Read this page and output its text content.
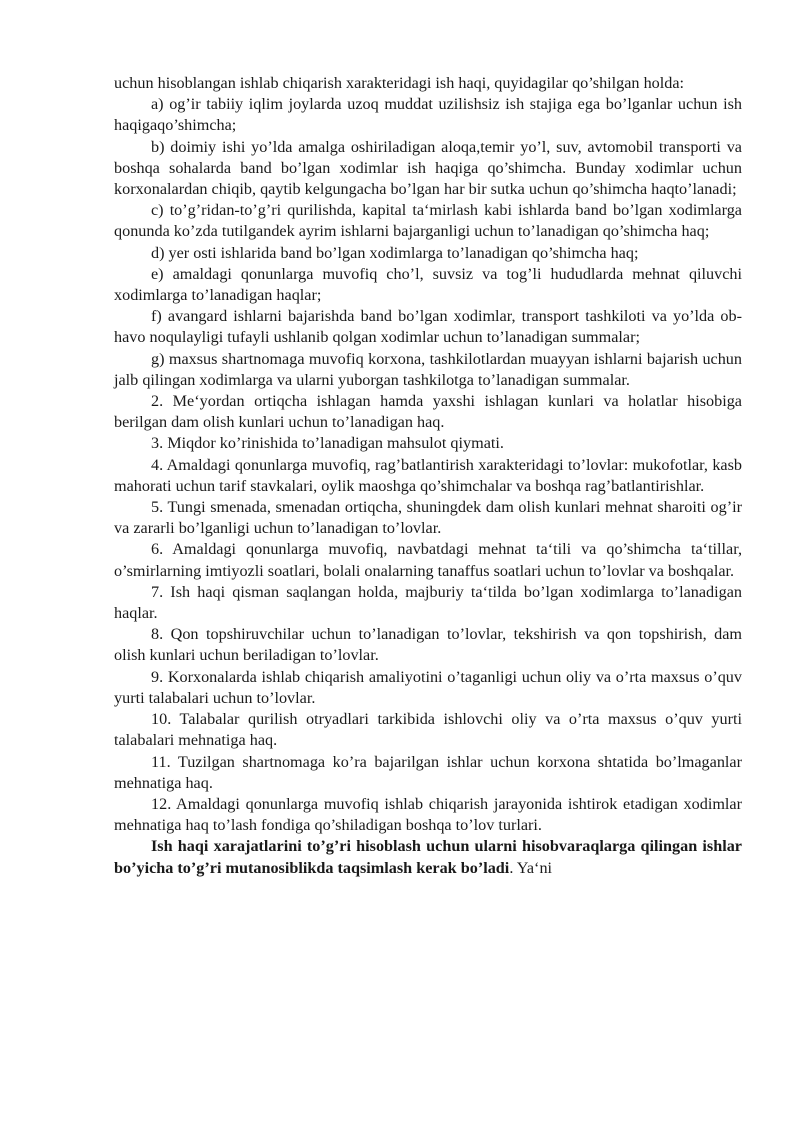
uchun hisoblangan ishlab chiqarish xarakteridagi ish haqi, quyidagilar qo’shilgan holda:

a) og’ir tabiiy iqlim joylarda uzoq muddat uzilishsiz ish stajiga ega bo’lganlar uchun ish haqigaqo’shimcha;

b) doimiy ishi yo’lda amalga oshiriladigan aloqa,temir yo’l, suv, avtomobil transporti va boshqa sohalarda band bo’lgan xodimlar ish haqiga qo’shimcha. Bunday xodimlar uchun korxonalardan chiqib, qaytib kelgungacha bo’lgan har bir sutka uchun qo’shimcha haqto’lanadi;

c) to’g’ridan-to’g’ri qurilishda, kapital ta‘mirlash kabi ishlarda band bo’lgan xodimlarga qonunda ko’zda tutilgandek ayrim ishlarni bajarganligi uchun to’lanadigan qo’shimcha haq;

d) yer osti ishlarida band bo’lgan xodimlarga to’lanadigan qo’shimcha haq;

e) amaldagi qonunlarga muvofiq cho’l, suvsiz va tog’li hududlarda mehnat qiluvchi xodimlarga to’lanadigan haqlar;

f) avangard ishlarni bajarishda band bo’lgan xodimlar, transport tashkiloti va yo’lda ob-havo noqulayligi tufayli ushlanib qolgan xodimlar uchun to’lanadigan summalar;

g) maxsus shartnomaga muvofiq korxona, tashkilotlardan muayyan ishlarni bajarish uchun jalb qilingan xodimlarga va ularni yuborgan tashkilotga to’lanadigan summalar.

2. Me‘yordan ortiqcha ishlagan hamda yaxshi ishlagan kunlari va holatlar hisobiga berilgan dam olish kunlari uchun to’lanadigan haq.

3. Miqdor ko’rinishida to’lanadigan mahsulot qiymati.

4. Amaldagi qonunlarga muvofiq, rag’batlantirish xarakteridagi to’lovlar: mukofotlar, kasb mahorati uchun tarif stavkalari, oylik maoshga qo’shimchalar va boshqa rag’batlantirishlar.

5. Tungi smenada, smenadan ortiqcha, shuningdek dam olish kunlari mehnat sharoiti og’ir va zararli bo’lganligi uchun to’lanadigan to’lovlar.

6. Amaldagi qonunlarga muvofiq, navbatdagi mehnat ta‘tili va qo’shimcha ta‘tillar, o’smirlarning imtiyozli soatlari, bolali onalarning tanaffus soatlari uchun to’lovlar va boshqalar.

7. Ish haqi qisman saqlangan holda, majburiy ta‘tilda bo’lgan xodimlarga to’lanadigan haqlar.

8. Qon topshiruvchilar uchun to’lanadigan to’lovlar, tekshirish va qon topshirish, dam olish kunlari uchun beriladigan to’lovlar.

9. Korxonalarda ishlab chiqarish amaliyotini o’taganligi uchun oliy va o’rta maxsus o’quv yurti talabalari uchun to’lovlar.

10. Talabalar qurilish otryadlari tarkibida ishlovchi oliy va o’rta maxsus o’quv yurti talabalari mehnatiga haq.

11. Tuzilgan shartnomaga ko’ra bajarilgan ishlar uchun korxona shtatida bo’lmaganlar mehnatiga haq.

12. Amaldagi qonunlarga muvofiq ishlab chiqarish jarayonida ishtirok etadigan xodimlar mehnatiga haq to’lash fondiga qo’shiladigan boshqa to’lov turlari.

Ish haqi xarajatlarini to’g’ri hisoblash uchun ularni hisobvaraqlarga qilingan ishlar bo’yicha to’g’ri mutanosiblikda taqsimlash kerak bo’ladi. Ya‘ni
